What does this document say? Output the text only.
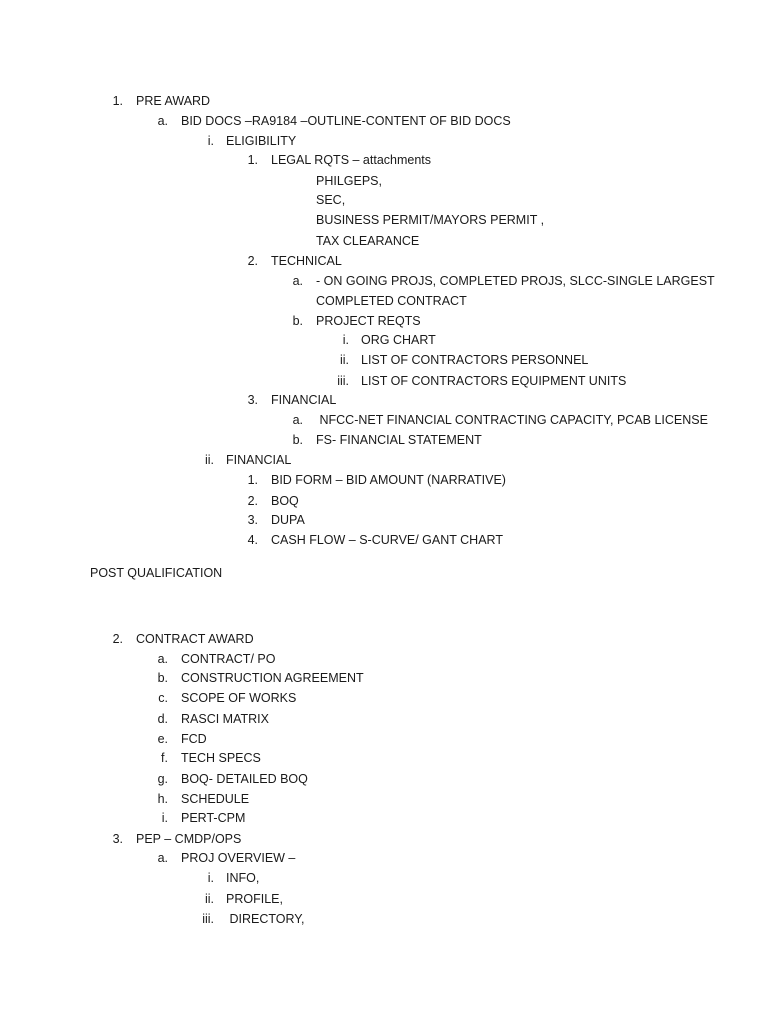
1. PRE AWARD
a. BID DOCS –RA9184 –OUTLINE-CONTENT OF BID DOCS
i. ELIGIBILITY
1. LEGAL RQTS – attachments
PHILGEPS,
SEC,
BUSINESS PERMIT/MAYORS PERMIT ,
TAX CLEARANCE
2. TECHNICAL
a. - ON GOING PROJS, COMPLETED PROJS, SLCC-SINGLE LARGEST
COMPLETED CONTRACT
b. PROJECT REQTS
i. ORG CHART
ii. LIST OF CONTRACTORS PERSONNEL
iii. LIST OF CONTRACTORS EQUIPMENT UNITS
3. FINANCIAL
a. NFCC-NET FINANCIAL CONTRACTING CAPACITY, PCAB LICENSE
b. FS- FINANCIAL STATEMENT
ii. FINANCIAL
1. BID FORM – BID AMOUNT (NARRATIVE)
2. BOQ
3. DUPA
4. CASH FLOW – S-CURVE/ GANT CHART
POST QUALIFICATION
2. CONTRACT AWARD
a. CONTRACT/ PO
b. CONSTRUCTION AGREEMENT
c. SCOPE OF WORKS
d. RASCI MATRIX
e. FCD
f. TECH SPECS
g. BOQ- DETAILED BOQ
h. SCHEDULE
i. PERT-CPM
3. PEP – CMDP/OPS
a. PROJ OVERVIEW –
i. INFO,
ii. PROFILE,
iii. DIRECTORY,
